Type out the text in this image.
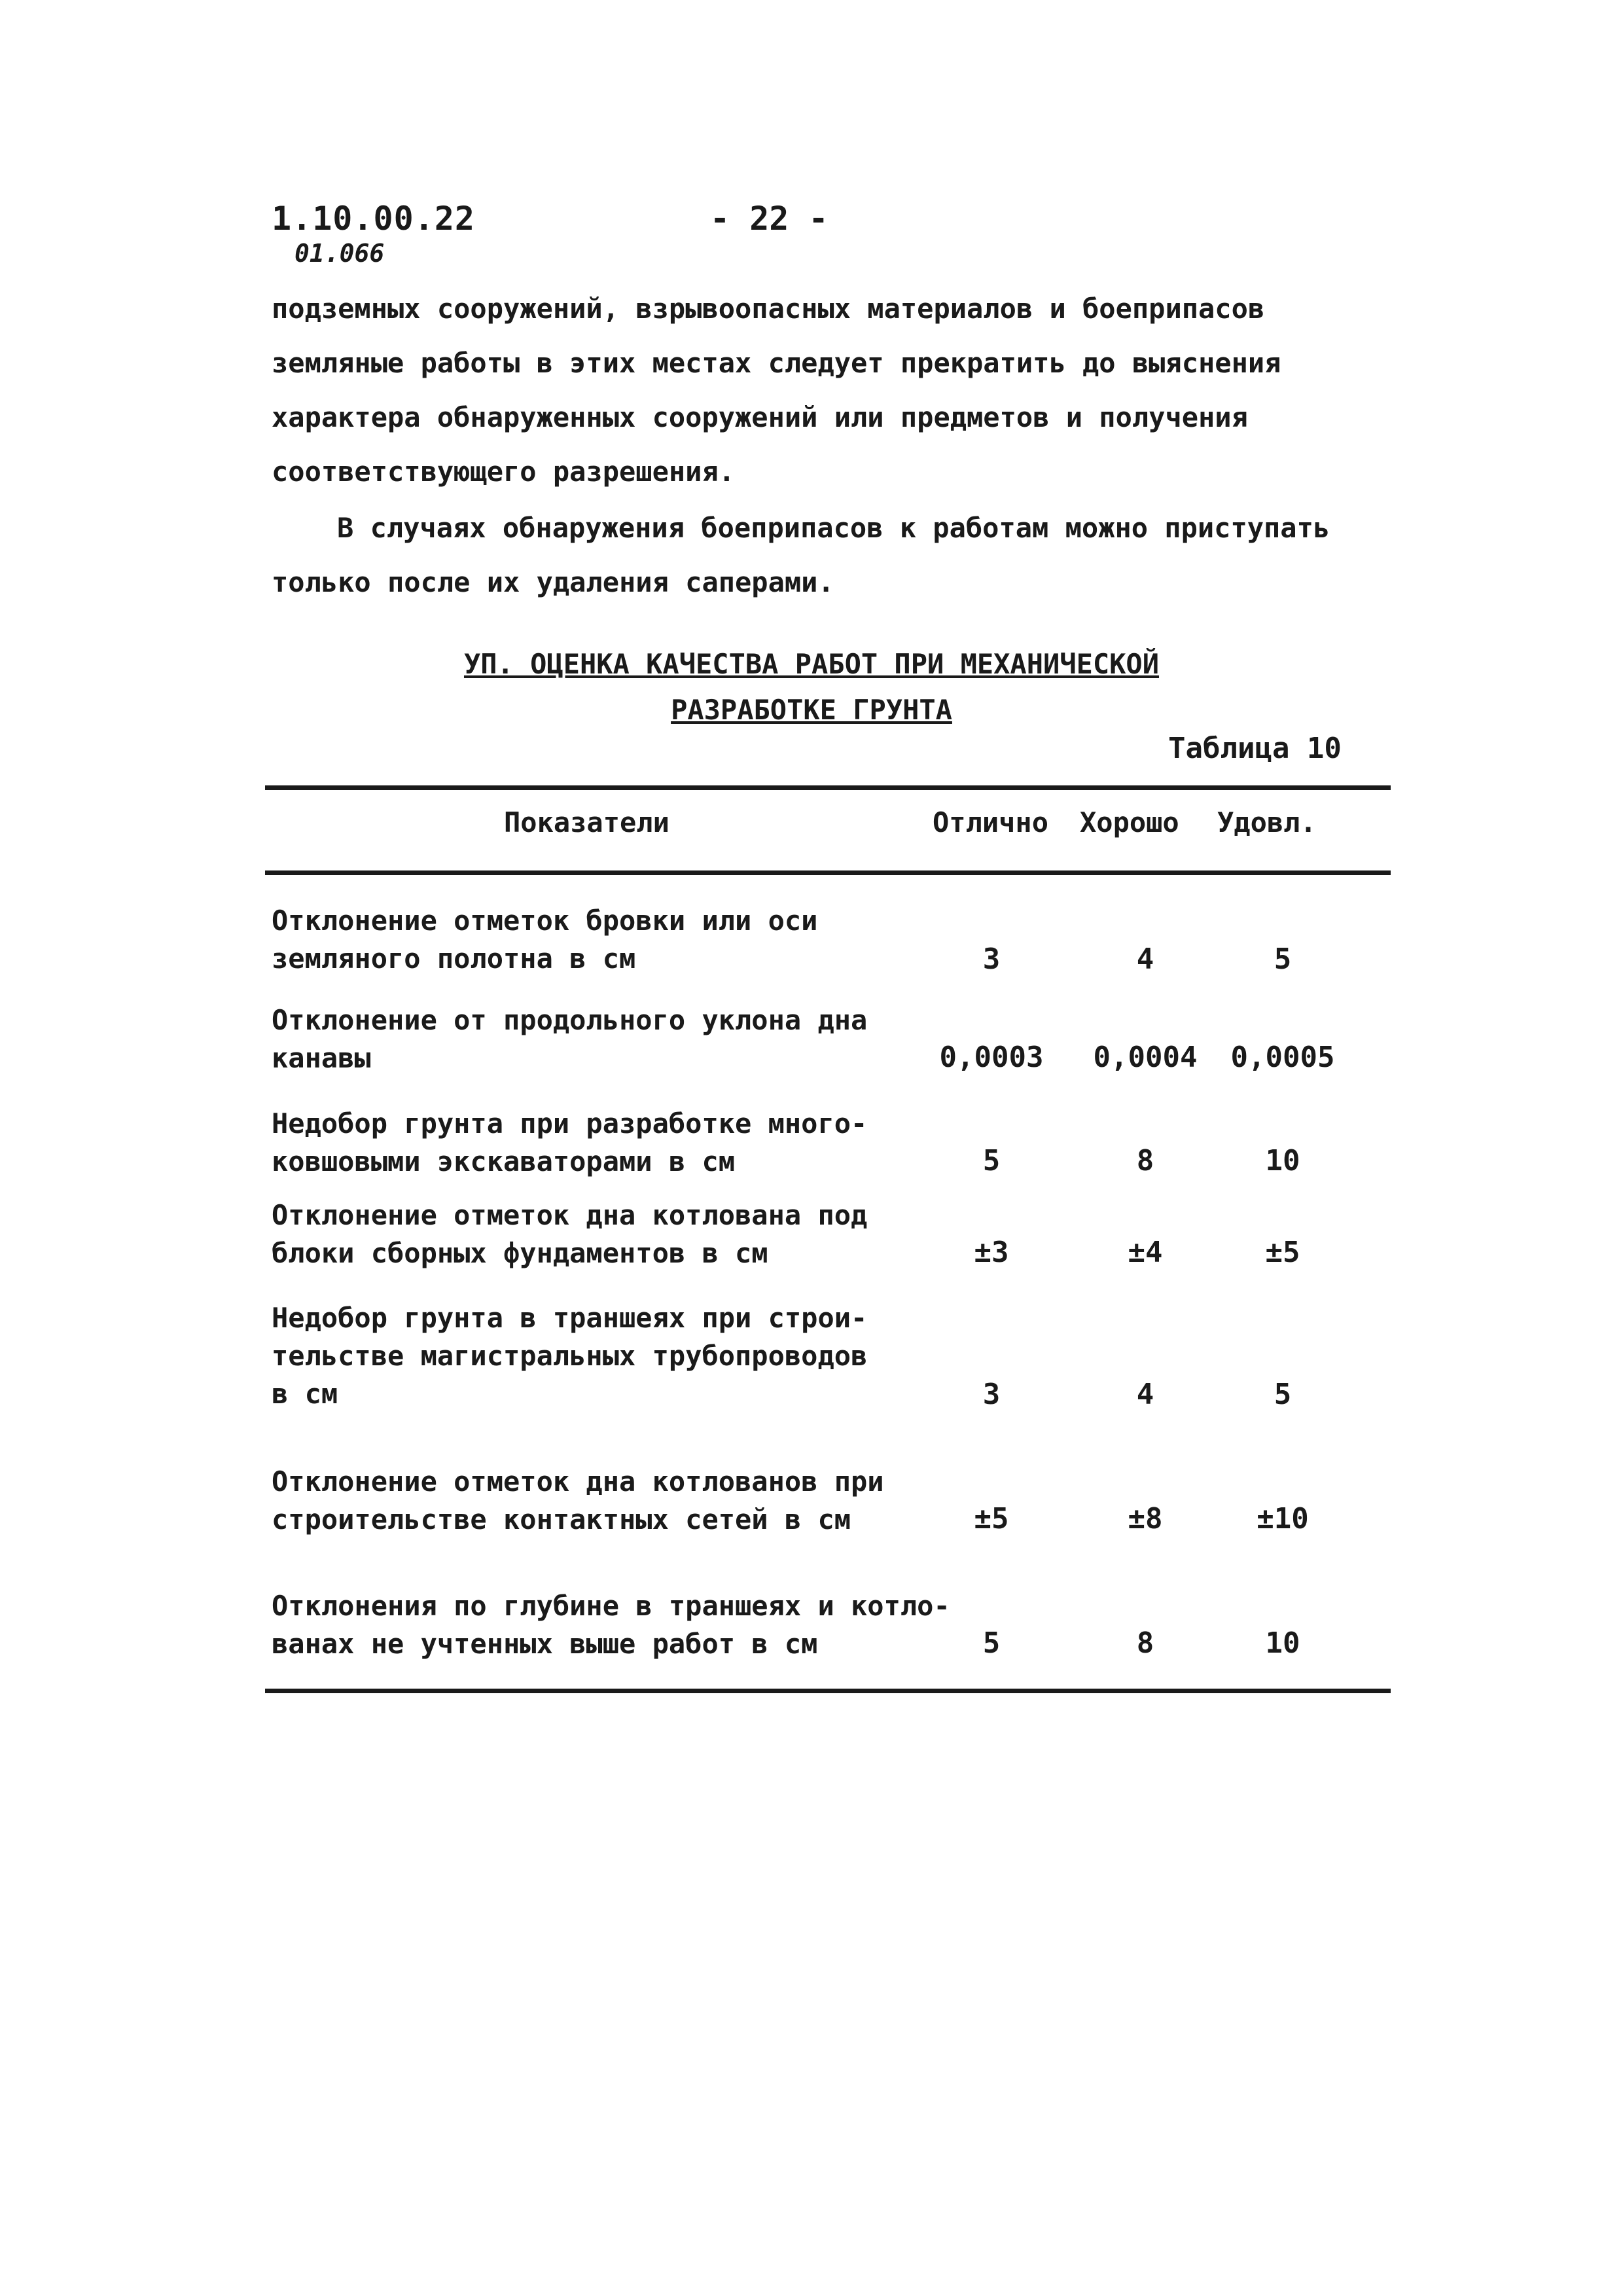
1.10.00.22
01.066
- 22 -
подземных сооружений, взрывоопасных материалов и боеприпасов
земляные работы в этих местах следует прекратить до выяснения
характера обнаруженных сооружений или предметов и получения
соответствующего разрешения.
В случаях обнаружения боеприпасов к работам можно приступать
только после их удаления саперами.
УП. ОЦЕНКА КАЧЕСТВА РАБОТ ПРИ МЕХАНИЧЕСКОЙ
РАЗРАБОТКЕ ГРУНТА
Таблица 10
Показатели	Отлично Хорошо Удовл.
Отклонение отметок бровки или оси
земляного полотна в см	3	4	5
Отклонение от продольного уклона дна
канавы	0,0003	0,0004	0,0005
Недобор грунта при разработке много-
ковшовыми экскаваторами в см	5	8	10
Отклонение отметок дна котлована под
блоки сборных фундаментов в см	±3	±4	±5
Недобор грунта в траншеях при строи-
тельстве магистральных трубопроводов
в см	3	4	5
Отклонение отметок дна котлованов при
строительстве контактных сетей в см	±5	±8	±10
Отклонения по глубине в траншеях и котло-
ванах не учтенных выше работ в см	5	8	10
